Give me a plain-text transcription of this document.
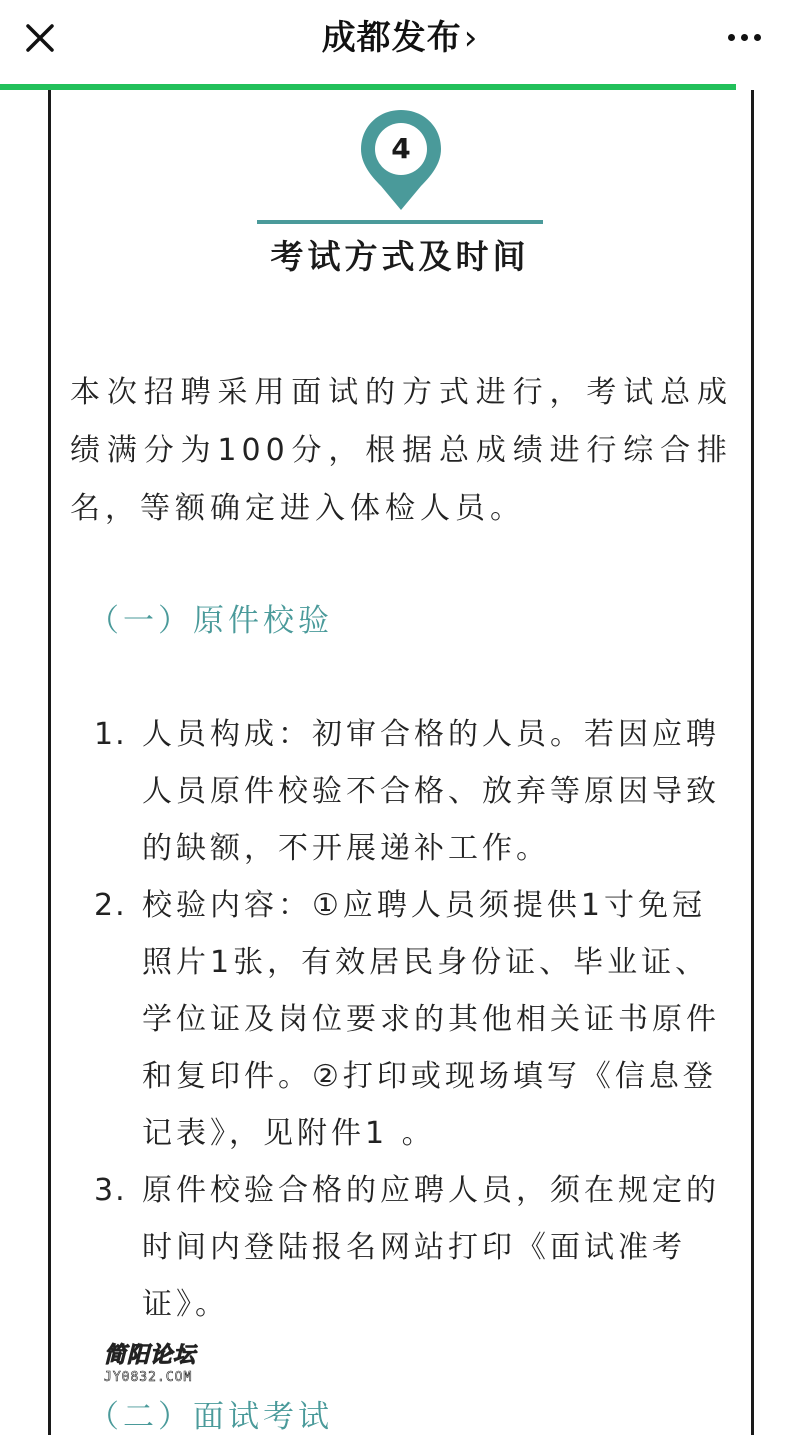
成都发布›
4
考试方式及时间
本次招聘采用面试的方式进行，考试总成绩满分为100分，根据总成绩进行综合排名，等额确定进入体检人员。
（一）原件校验
1. 人员构成：初审合格的人员。若因应聘人员原件校验不合格、放弃等原因导致的缺额，不开展递补工作。
2. 校验内容：①应聘人员须提供1寸免冠照片1张，有效居民身份证、毕业证、学位证及岗位要求的其他相关证书原件和复印件。②打印或现场填写《信息登记表》，见附件1 。
3. 原件校验合格的应聘人员，须在规定的时间内登陆报名网站打印《面试准考证》。
（二）面试考试
简阳论坛
JY0832.COM
